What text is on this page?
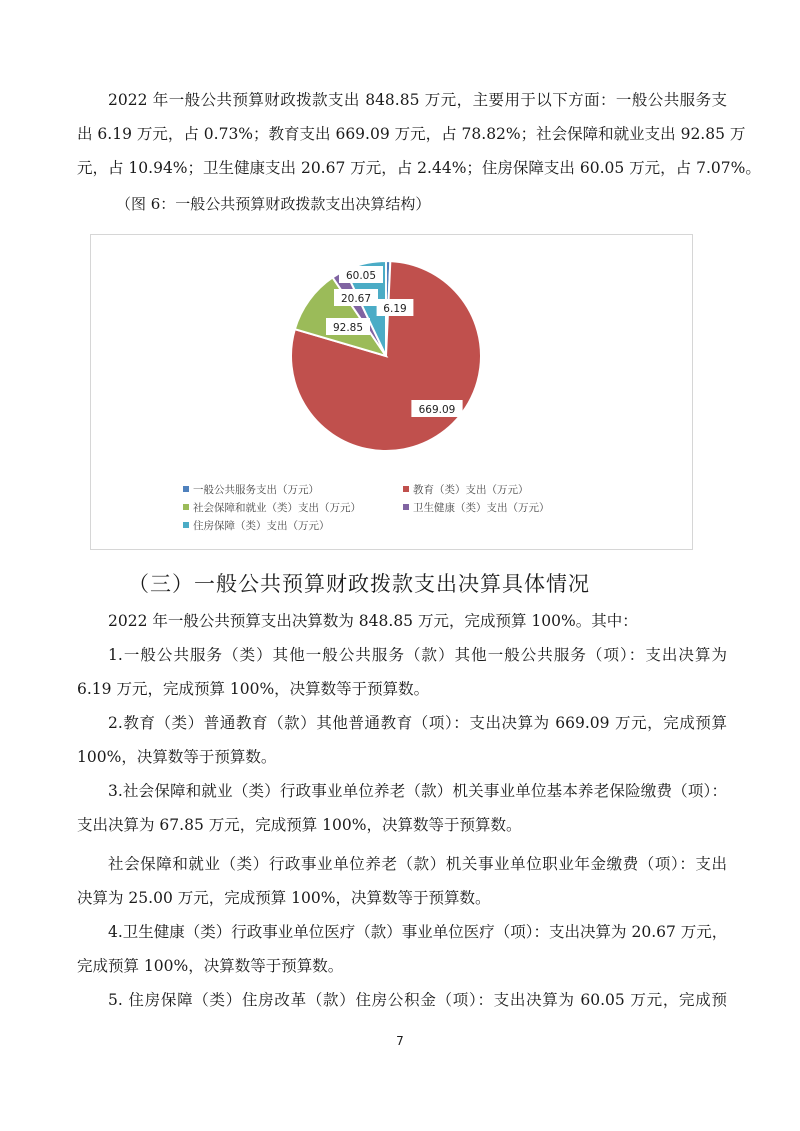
2022 年一般公共预算财政拨款支出 848.85 万元，主要用于以下方面：一般公共服务支
出 6.19 万元，占 0.73%；教育支出 669.09 万元，占 78.82%；社会保障和就业支出 92.85 万
元，占 10.94%；卫生健康支出 20.67 万元，占 2.44%；住房保障支出 60.05 万元，占 7.07%。
（图 6：一般公共预算财政拨款支出决算结构）
6.19
669.09
92.85
20.67
60.05
一般公共服务支出（万元）	教育（类）支出（万元）
社会保障和就业（类）支出（万元）	卫生健康（类）支出（万元）
住房保障（类）支出（万元）
（三）一般公共预算财政拨款支出决算具体情况
2022 年一般公共预算支出决算数为 848.85 万元，完成预算 100%。其中：
1.一般公共服务（类）其他一般公共服务（款）其他一般公共服务（项）：支出决算为
6.19 万元，完成预算 100%，决算数等于预算数。
2.教育（类）普通教育（款）其他普通教育（项）：支出决算为 669.09 万元，完成预算
100%，决算数等于预算数。
3.社会保障和就业（类）行政事业单位养老（款）机关事业单位基本养老保险缴费（项）：
支出决算为 67.85 万元，完成预算 100%，决算数等于预算数。
社会保障和就业（类）行政事业单位养老（款）机关事业单位职业年金缴费（项）：支出
决算为 25.00 万元，完成预算 100%，决算数等于预算数。
4.卫生健康（类）行政事业单位医疗（款）事业单位医疗（项）：支出决算为 20.67 万元，
完成预算 100%，决算数等于预算数。
5. 住房保障（类）住房改革（款）住房公积金（项）：支出决算为 60.05 万元，完成预
7
